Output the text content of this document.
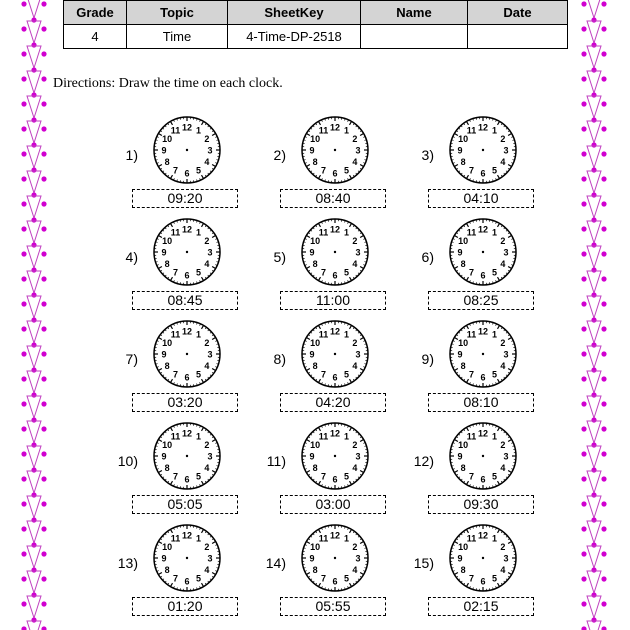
Grade	Topic	SheetKey	Name	Date
4	Time	4-Time-DP-2518		
Directions: Draw the time on each clock.
1)
12 1
2
3
4
5
6
7
8
9
10
11
09:20
2)
12 1
2
3
4
5
6
7
8
9
10
11
08:40
3)
12 1
2
3
4
5
6
7
8
9
10
11
04:10
4)
12 1
2
3
4
5
6
7
8
9
10
11
08:45
5)
12 1
2
3
4
5
6
7
8
9
10
11
11:00
6)
12 1
2
3
4
5
6
7
8
9
10
11
08:25
7)
12 1
2
3
4
5
6
7
8
9
10
11
03:20
8)
12 1
2
3
4
5
6
7
8
9
10
11
04:20
9)
12 1
2
3
4
5
6
7
8
9
10
11
08:10
10)
12 1
2
3
4
5
6
7
8
9
10
11
05:05
11)
12 1
2
3
4
5
6
7
8
9
10
11
03:00
12)
12 1
2
3
4
5
6
7
8
9
10
11
09:30
13)
12 1
2
3
4
5
6
7
8
9
10
11
01:20
14)
12 1
2
3
4
5
6
7
8
9
10
11
05:55
15)
12 1
2
3
4
5
6
7
8
9
10
11
02:15
